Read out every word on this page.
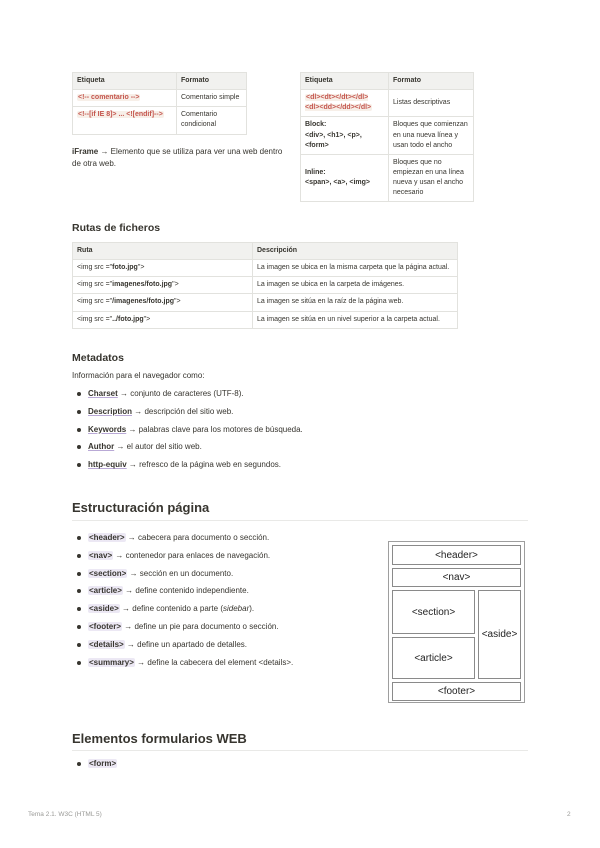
Etiqueta	Formato
<!-- comentario -->	Comentario simple
<!--[if IE 8]> ... <![endif]-->	Comentario condicional
iFrame → Elemento que se utiliza para ver una web dentro de otra web.
Etiqueta	Formato
<dl><dt></dt></dl> <dl><dd></dd></dl>	Listas descriptivas

Block:
<div>, <h1>, <p>, <form>	Bloques que comienzan en una nueva línea y usan todo el ancho

Inline:
<span>, <a>, <img>	Bloques que no empiezan en una línea nueva y usan el ancho necesario
Rutas de ficheros
Ruta	Descripción
<img src ="foto.jpg">	La imagen se ubica en la misma carpeta que la página actual.
<img src ="imagenes/foto.jpg">	La imagen se ubica en la carpeta de imágenes.
<img src ="/imagenes/foto.jpg">	La imagen se sitúa en la raíz de la página web.
<img src ="../foto.jpg">	La imagen se sitúa en un nivel superior a la carpeta actual.
Metadatos
Información para el navegador como:
Charset → conjunto de caracteres (UTF-8).
Description → descripción del sitio web.
Keywords → palabras clave para los motores de búsqueda.
Author → el autor del sitio web.
http-equiv → refresco de la página web en segundos.
Estructuración página
<header> → cabecera para documento o sección.
<nav> → contenedor para enlaces de navegación.
<section> → sección en un documento.
<article> → define contenido independiente.
<aside> → define contenido a parte (sidebar).
<footer> → define un pie para documento o sección.
<details> → define un apartado de detalles.
<summary> → define la cabecera del element <details>.
<header>
<nav>
<section>
<article>
<aside>
<footer>
Elementos formularios WEB
<form>
Tema 2.1. W3C (HTML 5)	2
